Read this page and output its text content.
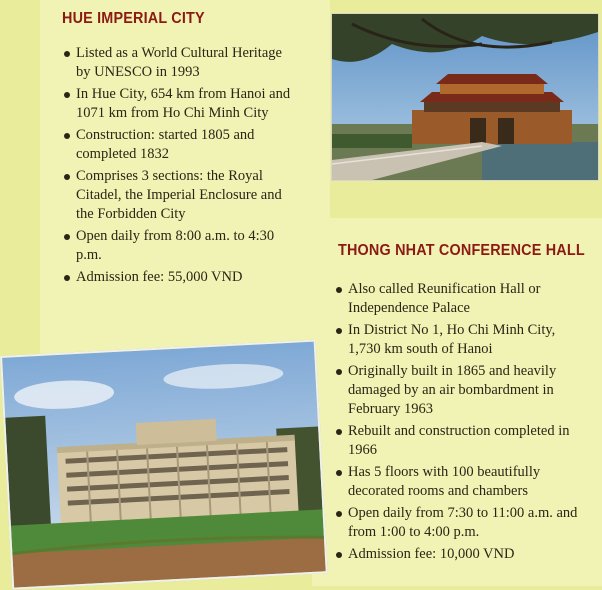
HUE IMPERIAL CITY
Listed as a World Cultural Heritage by UNESCO in 1993
In Hue City, 654 km from Hanoi and 1071 km from Ho Chi Minh City
Construction: started 1805 and completed 1832
Comprises 3 sections: the Royal Citadel, the Imperial Enclosure and the Forbidden City
Open daily from 8:00 a.m. to 4:30 p.m.
Admission fee: 55,000 VND
THONG NHAT CONFERENCE HALL
Also called Reunification Hall or Independence Palace
In District No 1, Ho Chi Minh City, 1,730 km south of Hanoi
Originally built in 1865 and heavily damaged by an air bombardment in February 1963
Rebuilt and construction completed in 1966
Has 5 floors with 100 beautifully decorated rooms and chambers
Open daily from 7:30 to 11:00 a.m. and from 1:00 to 4:00 p.m.
Admission fee: 10,000 VND
